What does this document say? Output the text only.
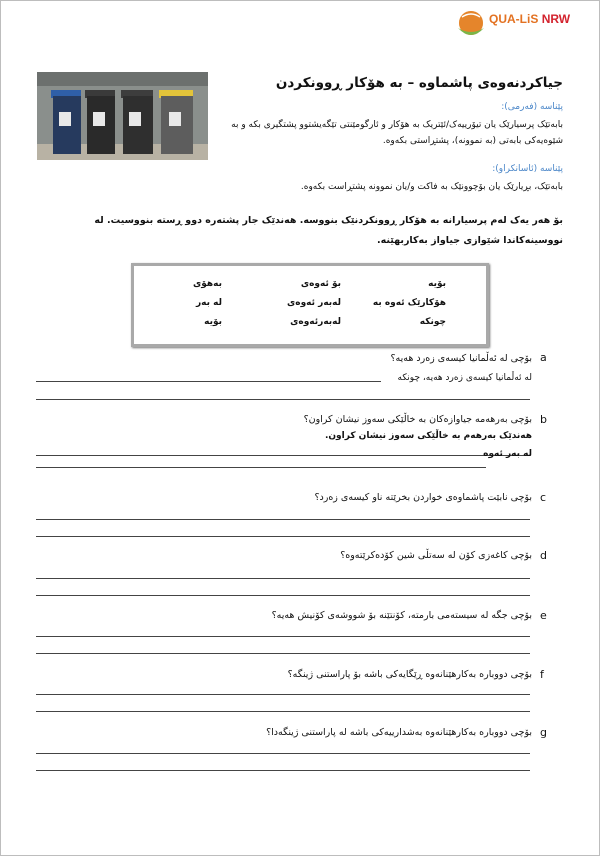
QUA-LiS NRW
جیاکردنەوەی پاشماوە – بە هۆکار ڕوونکردن
پێناسە (فەرمی):
بابەتێک پرسیارێک یان تیۆرییەک/ئێتریک بە هۆکار و ئارگومێنتی تێگەیشتوو پشتگیری بکە و بە شێوەیەکی بابەتی (بە نموونە)، پشتڕاستی بکەوە.
پێناسە (ئاسانکراو):
بابەتێک، بڕیارێک یان بۆچوونێک بە فاکت و/یان نموونە پشتڕاست بکەوە.
بۆ هەر یەک لەم پرسیارانە بە هۆکار ڕوونکردنێک بنووسە. هەندێک جار پشتەرە دوو ڕستە بنووسیت. لە نووسینەکاندا شێوازی جیاواز بەکاربهێنە.
بۆیە
بۆ ئەوەی
بەهۆی
هۆکارێک ئەوە بە
لەبەر ئەوەی
لە بەر
چونکە
لەبەرئەوەی
بۆیە
a
بۆچی لە ئەڵمانیا کیسەی زەرد هەیە؟
لە ئەڵمانیا کیسەی زەرد هەیە، چونکە
b
بۆچی بەرهەمە جیاوازەکان بە خاڵێکی سەوز نیشان کراون؟
هەندێک بەرهەم بە خاڵێکی سەوز نیشان کراون.
لە بەر ئەوە
c
بۆچی نابێت پاشماوەی خواردن بخرێتە ناو کیسەی زەرد؟
d
بۆچی کاغەزی کۆن لە سەتڵی شین کۆدەکرێتەوە؟
e
بۆچی جگە لە سیستەمی بارمتە، کۆنتێنە بۆ شووشەی کۆنیش هەیە؟
f
بۆچی دووبارە بەکارهێنانەوە ڕێگایەکی باشە بۆ پاراستنی ژینگە؟
g
بۆچی دووبارە بەکارهێنانەوە بەشدارییەکی باشە لە پاراستنی ژینگەدا؟
